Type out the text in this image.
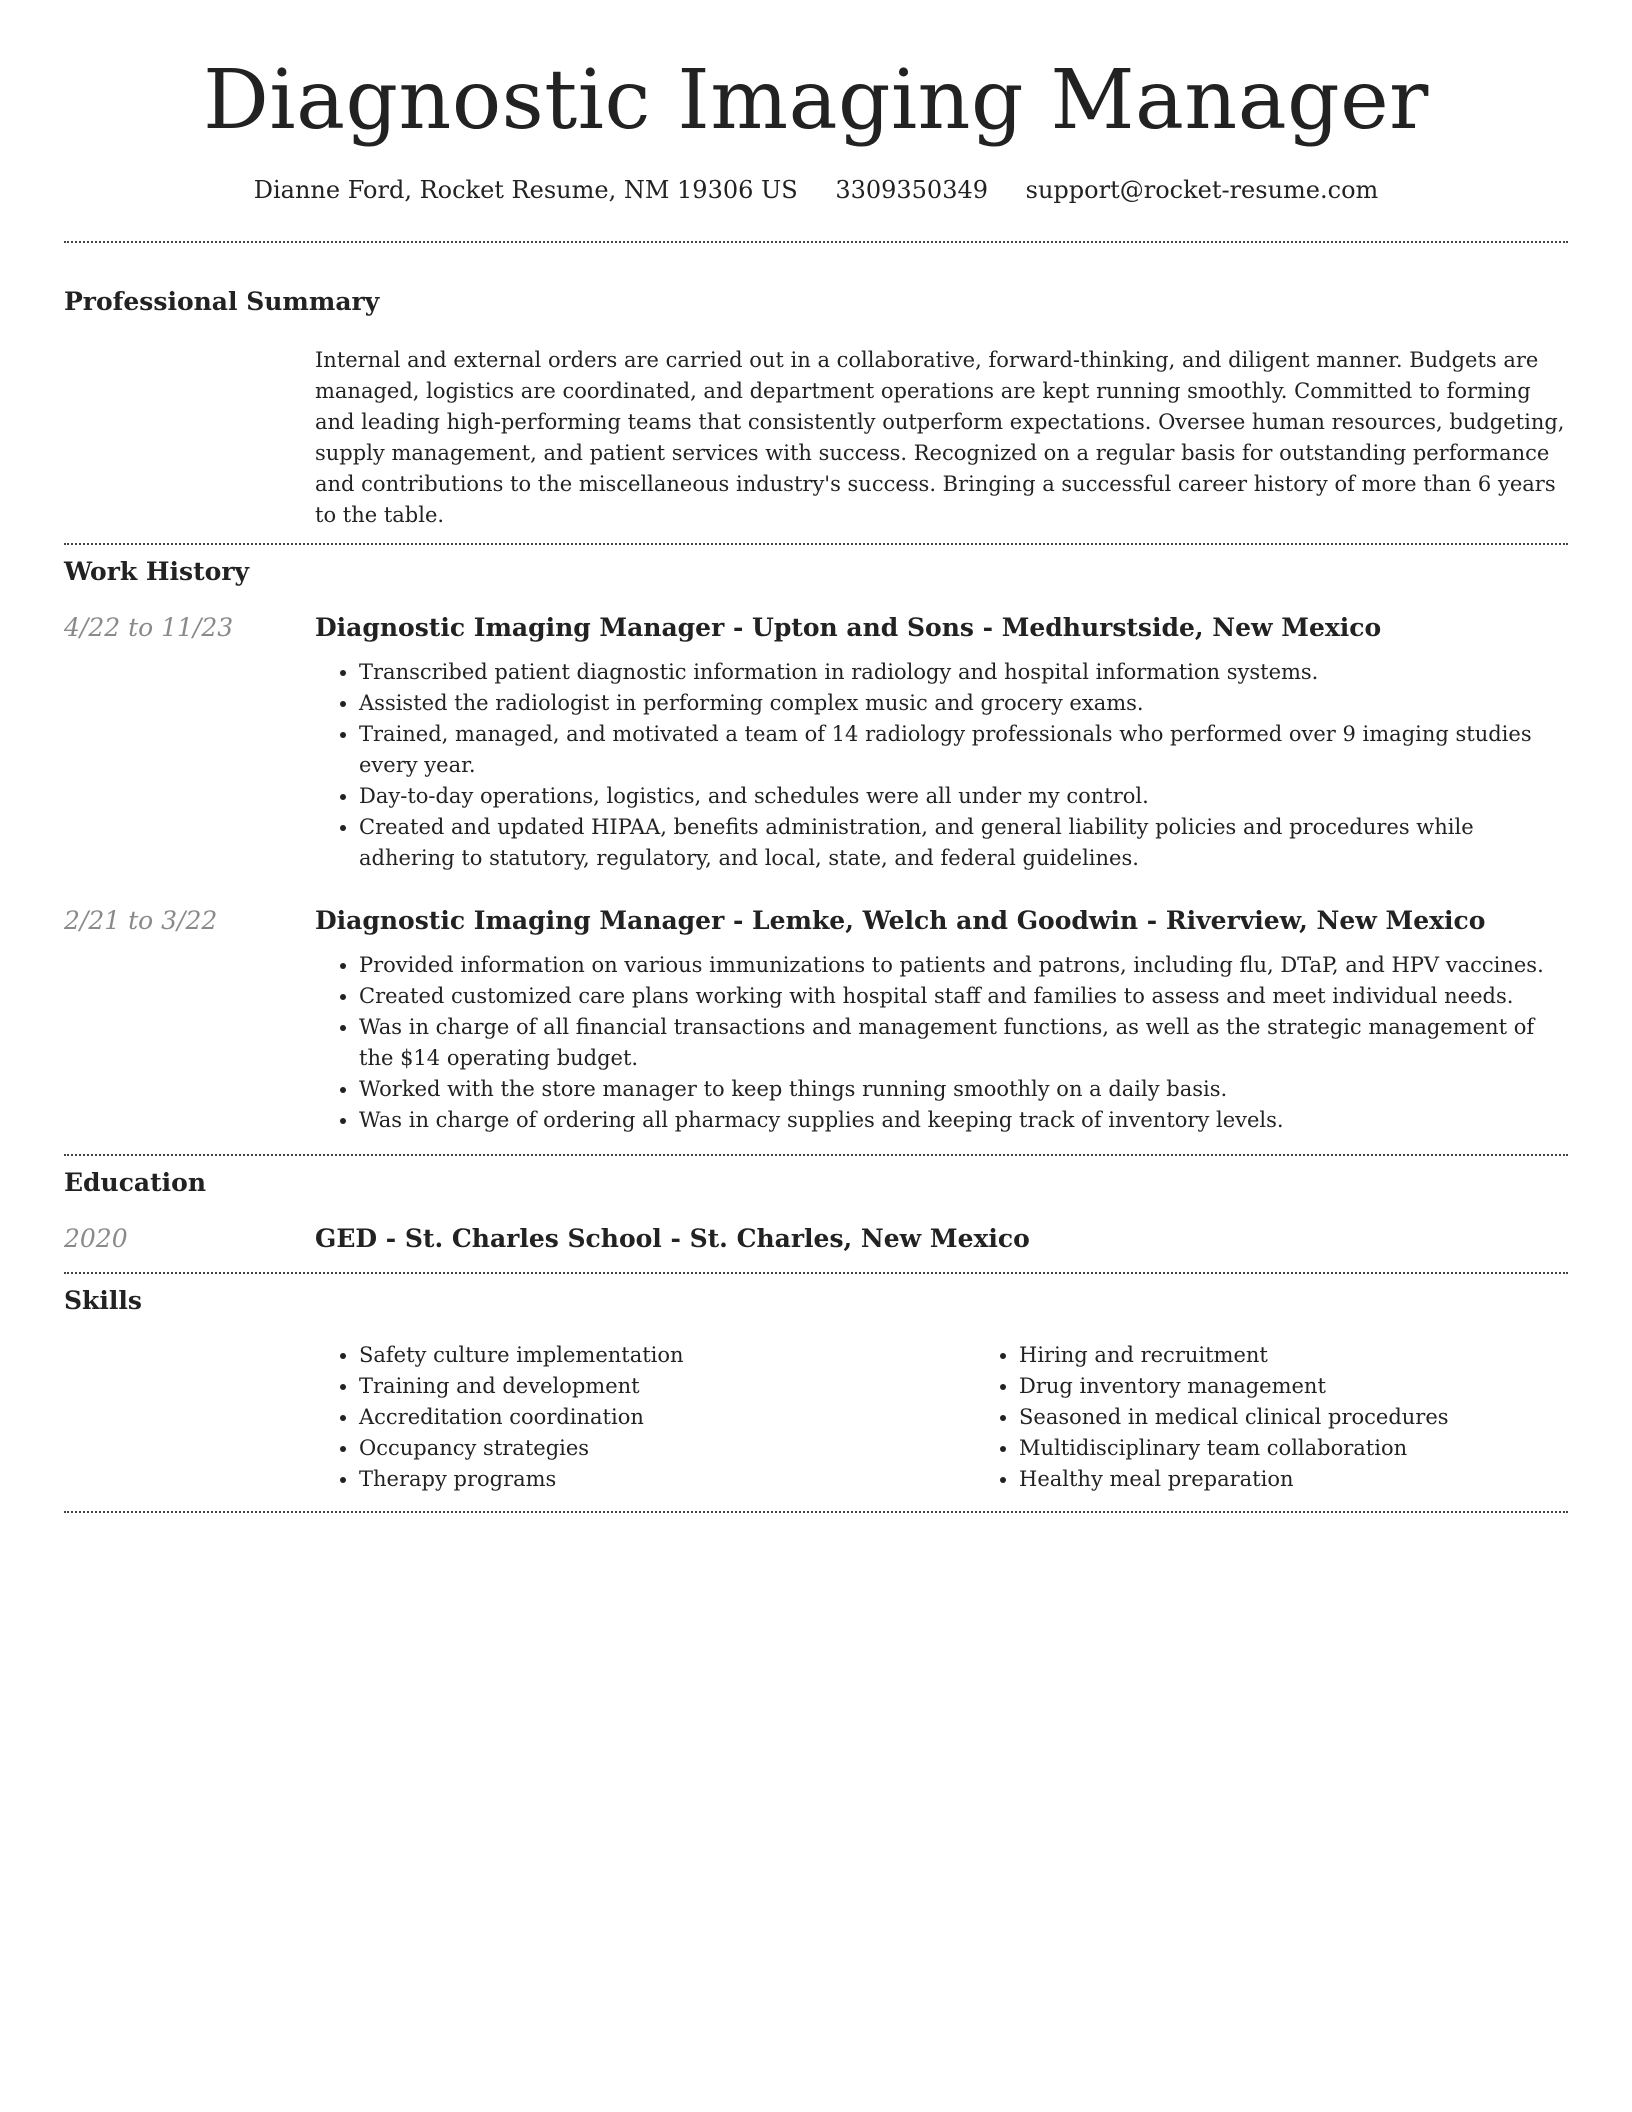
Diagnostic Imaging Manager
Dianne Ford, Rocket Resume, NM 19306 US 3309350349 support@rocket-resume.com
Professional Summary

Internal and external orders are carried out in a collaborative, forward-thinking, and diligent manner. Budgets are managed, logistics are coordinated, and department operations are kept running smoothly. Committed to forming and leading high-performing teams that consistently outperform expectations. Oversee human resources, budgeting, supply management, and patient services with success. Recognized on a regular basis for outstanding performance and contributions to the miscellaneous industry's success. Bringing a successful career history of more than 6 years to the table.

Work History
4/22 to 11/23	Diagnostic Imaging Manager - Upton and Sons - Medhurstside, New Mexico
• Transcribed patient diagnostic information in radiology and hospital information systems.
• Assisted the radiologist in performing complex music and grocery exams.
• Trained, managed, and motivated a team of 14 radiology professionals who performed over 9 imaging studies every year.
• Day-to-day operations, logistics, and schedules were all under my control.
• Created and updated HIPAA, benefits administration, and general liability policies and procedures while adhering to statutory, regulatory, and local, state, and federal guidelines.
2/21 to 3/22	Diagnostic Imaging Manager - Lemke, Welch and Goodwin - Riverview, New Mexico
• Provided information on various immunizations to patients and patrons, including flu, DTaP, and HPV vaccines.
• Created customized care plans working with hospital staff and families to assess and meet individual needs.
• Was in charge of all financial transactions and management functions, as well as the strategic management of the $14 operating budget.
• Worked with the store manager to keep things running smoothly on a daily basis.
• Was in charge of ordering all pharmacy supplies and keeping track of inventory levels.
Education
2020	GED - St. Charles School - St. Charles, New Mexico
Skills
• Safety culture implementation
• Training and development
• Accreditation coordination
• Occupancy strategies
• Therapy programs
• Hiring and recruitment
• Drug inventory management
• Seasoned in medical clinical procedures
• Multidisciplinary team collaboration
• Healthy meal preparation
